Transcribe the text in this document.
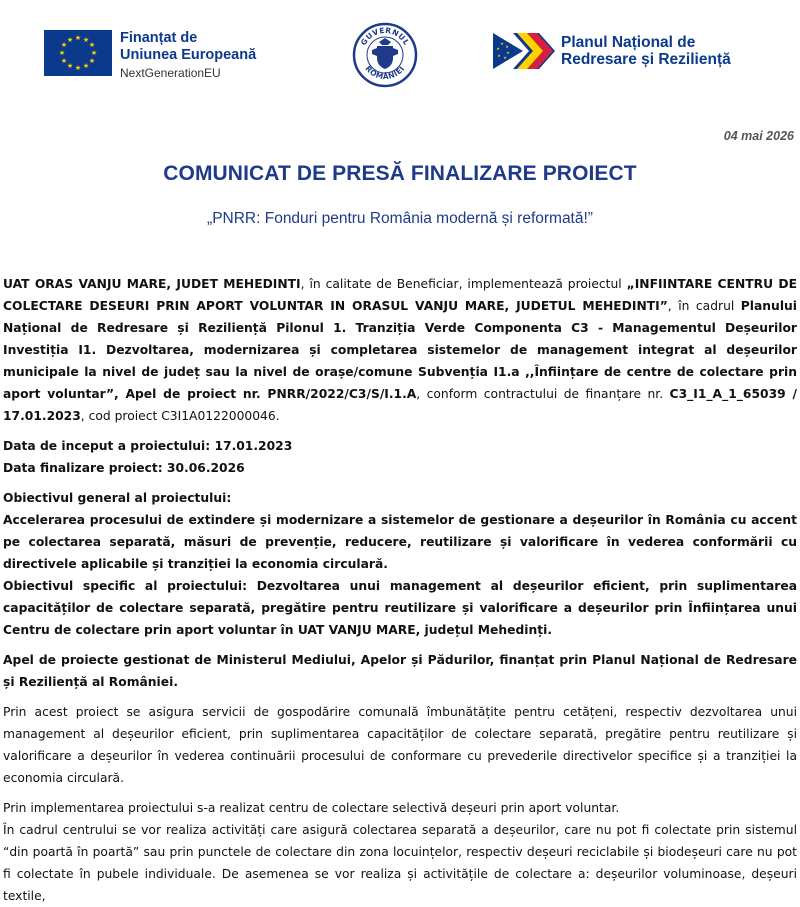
★ ★
★
★
★
★
★
★
★
★
★
★	Finanțat de
Uniunea Europeană
NextGenerationEU
GUVERNUL
ROMÂNIEI
★
★
★
★
★
★	Planul Național de
Redresare și Reziliență
04 mai 2026
COMUNICAT DE PRESĂ FINALIZARE PROIECT
„PNRR: Fonduri pentru România modernă și reformată!”

UAT ORAS VANJU MARE, JUDET MEHEDINTI, în calitate de Beneficiar, implementează proiectul „INFIINTARE CENTRU DE COLECTARE DESEURI PRIN APORT VOLUNTAR IN ORASUL VANJU MARE, JUDETUL MEHEDINTI”, în cadrul Planului Național de Redresare și Reziliență Pilonul 1. Tranziția Verde Componenta C3 - Managementul Deșeurilor Investiția I1. Dezvoltarea, modernizarea și completarea sistemelor de management integrat al deșeurilor municipale la nivel de județ sau la nivel de orașe/comune Subvenția I1.a ,,Înființare de centre de colectare prin aport voluntar”, Apel de proiect nr. PNRR/2022/C3/S/I.1.A, conform contractului de finanțare nr. C3_I1_A_1_65039 / 17.01.2023, cod proiect C3I1A0122000046.

Data de inceput a proiectului: 17.01.2023

Data finalizare proiect: 30.06.2026

Obiectivul general al proiectului:

Accelerarea procesului de extindere și modernizare a sistemelor de gestionare a deșeurilor în România cu accent pe colectarea separată, măsuri de prevenție, reducere, reutilizare și valorificare în vederea conformării cu directivele aplicabile și tranziției la economia circulară.

Obiectivul specific al proiectului: Dezvoltarea unui management al deșeurilor eficient, prin suplimentarea capacităților de colectare separată, pregătire pentru reutilizare și valorificare a deșeurilor prin Înființarea unui Centru de colectare prin aport voluntar în UAT VANJU MARE, județul Mehedinți.

Apel de proiecte gestionat de Ministerul Mediului, Apelor și Pădurilor, finanțat prin Planul Național de Redresare și Reziliență al României.

Prin acest proiect se asigura servicii de gospodărire comunală îmbunătățite pentru cetățeni, respectiv dezvoltarea unui management al deșeurilor eficient, prin suplimentarea capacităților de colectare separată, pregătire pentru reutilizare și valorificare a deșeurilor în vederea continuării procesului de conformare cu prevederile directivelor specifice și a tranziției la economia circulară.

Prin implementarea proiectului s-a realizat centru de colectare selectivă deșeuri prin aport voluntar.

În cadrul centrului se vor realiza activități care asigură colectarea separată a deșeurilor, care nu pot fi colectate prin sistemul “din poartă în poartă” sau prin punctele de colectare din zona locuințelor, respectiv deșeuri reciclabile și biodeșeuri care nu pot fi colectate în pubele individuale. De asemenea se vor realiza și activitățile de colectare a: deșeurilor voluminoase, deșeuri textile,
